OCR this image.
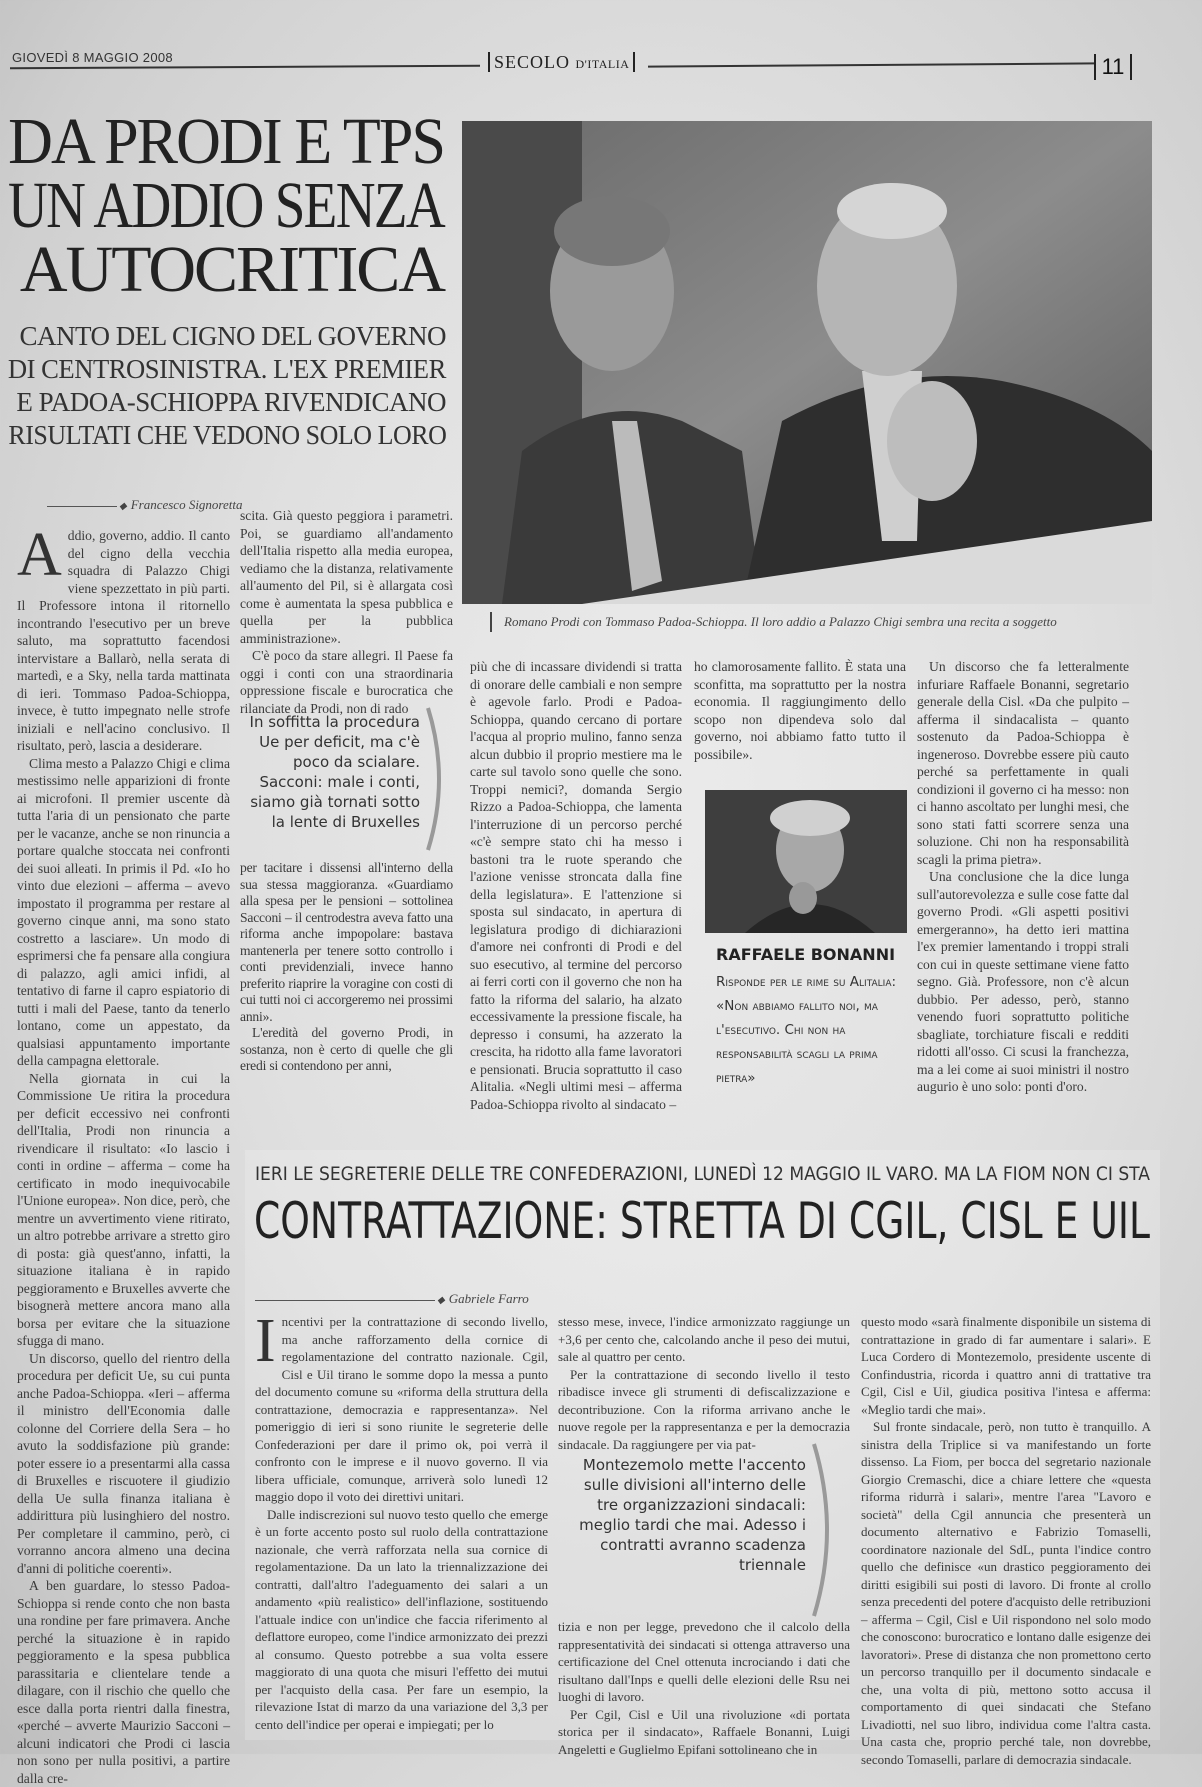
GIOVEDÌ 8 MAGGIO 2008	SECOLO D'ITALIA	11
DA PRODI E TPS
UN ADDIO SENZA
AUTOCRITICA
CANTO DEL CIGNO DEL GOVERNO
DI CENTROSINISTRA. L'EX PREMIER
E PADOA-SCHIOPPA RIVENDICANO
RISULTATI CHE VEDONO SOLO LORO
Romano Prodi con Tommaso Padoa-Schioppa. Il loro addio a Palazzo Chigi sembra una recita a soggetto
◆ Francesco Signoretta

Addio, governo, addio. Il canto del cigno della vecchia squadra di Palazzo Chigi viene spezzettato in più parti. Il Professore intona il ritornello incontrando l'esecutivo per un breve saluto, ma soprattutto facendosi intervistare a Ballarò, nella serata di martedì, e a Sky, nella tarda mattinata di ieri. Tommaso Padoa-Schioppa, invece, è tutto impegnato nelle strofe iniziali e nell'acino conclusivo. Il risultato, però, lascia a desiderare.

Clima mesto a Palazzo Chigi e clima mestissimo nelle apparizioni di fronte ai microfoni. Il premier uscente dà tutta l'aria di un pensionato che parte per le vacanze, anche se non rinuncia a portare qualche stoccata nei confronti dei suoi alleati. In primis il Pd. «Io ho vinto due elezioni – afferma – avevo impostato il programma per restare al governo cinque anni, ma sono stato costretto a lasciare». Un modo di esprimersi che fa pensare alla congiura di palazzo, agli amici infidi, al tentativo di farne il capro espiatorio di tutti i mali del Paese, tanto da tenerlo lontano, come un appestato, da qualsiasi appuntamento importante della campagna elettorale.

Nella giornata in cui la Commissione Ue ritira la procedura per deficit eccessivo nei confronti dell'Italia, Prodi non rinuncia a rivendicare il risultato: «Io lascio i conti in ordine – afferma – come ha certificato in modo inequivocabile l'Unione europea». Non dice, però, che mentre un avvertimento viene ritirato, un altro potrebbe arrivare a stretto giro di posta: già quest'anno, infatti, la situazione italiana è in rapido peggioramento e Bruxelles avverte che bisognerà mettere ancora mano alla borsa per evitare che la situazione sfugga di mano.

Un discorso, quello del rientro della procedura per deficit Ue, su cui punta anche Padoa-Schioppa. «Ieri – afferma il ministro dell'Economia dalle colonne del Corriere della Sera – ho avuto la soddisfazione più grande: poter essere io a presentarmi alla cassa di Bruxelles e riscuotere il giudizio della Ue sulla finanza italiana è addirittura più lusinghiero del nostro. Per completare il cammino, però, ci vorranno ancora almeno una decina d'anni di politiche coerenti».

A ben guardare, lo stesso Padoa-Schioppa si rende conto che non basta una rondine per fare primavera. Anche perché la situazione è in rapido peggioramento e la spesa pubblica parassitaria e clientelare tende a dilagare, con il rischio che quello che esce dalla porta rientri dalla finestra, «perché – avverte Maurizio Sacconi – alcuni indicatori che Prodi ci lascia non sono per nulla positivi, a partire dalla cre-

scita. Già questo peggiora i parametri. Poi, se guardiamo all'andamento dell'Italia rispetto alla media europea, vediamo che la distanza, relativamente all'aumento del Pil, si è allargata così come è aumentata la spesa pubblica e quella per la pubblica amministrazione».

C'è poco da stare allegri. Il Paese fa oggi i conti con una straordinaria oppressione fiscale e burocratica che rilanciate da Prodi, non di rado

In soffitta la procedura Ue per deficit, ma c'è poco da scialare. Sacconi: male i conti, siamo già tornati sotto la lente di Bruxelles

per tacitare i dissensi all'interno della sua stessa maggioranza. «Guardiamo alla spesa per le pensioni – sottolinea Sacconi – il centrodestra aveva fatto una riforma anche impopolare: bastava mantenerla per tenere sotto controllo i conti previdenziali, invece hanno preferito riaprire la voragine con costi di cui tutti noi ci accorgeremo nei prossimi anni».

L'eredità del governo Prodi, in sostanza, non è certo di quelle che gli eredi si contendono per anni,

più che di incassare dividendi si tratta di onorare delle cambiali e non sempre è agevole farlo. Prodi e Padoa-Schioppa, quando cercano di portare l'acqua al proprio mulino, fanno senza alcun dubbio il proprio mestiere ma le carte sul tavolo sono quelle che sono. Troppi nemici?, domanda Sergio Rizzo a Padoa-Schioppa, che lamenta l'interruzione di un percorso perché «c'è sempre stato chi ha messo i bastoni tra le ruote sperando che l'azione venisse stroncata dalla fine della legislatura». E l'attenzione si sposta sul sindacato, in apertura di legislatura prodigo di dichiarazioni d'amore nei confronti di Prodi e del suo esecutivo, al termine del percorso ai ferri corti con il governo che non ha fatto la riforma del salario, ha alzato eccessivamente la pressione fiscale, ha depresso i consumi, ha azzerato la crescita, ha ridotto alla fame lavoratori e pensionati. Brucia soprattutto il caso Alitalia. «Negli ultimi mesi – afferma Padoa-Schioppa rivolto al sindacato –

ho clamorosamente fallito. È stata una sconfitta, ma soprattutto per la nostra economia. Il raggiungimento dello scopo non dipendeva solo dal governo, noi abbiamo fatto tutto il possibile».

RAFFAELE BONANNI
Risponde per le rime su Alitalia: «Non abbiamo fallito noi, ma l'esecutivo. Chi non ha responsabilità scagli la prima pietra»

Un discorso che fa letteralmente infuriare Raffaele Bonanni, segretario generale della Cisl. «Da che pulpito – afferma il sindacalista – quanto sostenuto da Padoa-Schioppa è ingeneroso. Dovrebbe essere più cauto perché sa perfettamente in quali condizioni il governo ci ha messo: non ci hanno ascoltato per lunghi mesi, che sono stati fatti scorrere senza una soluzione. Chi non ha responsabilità scagli la prima pietra».

Una conclusione che la dice lunga sull'autorevolezza e sulle cose fatte dal governo Prodi. «Gli aspetti positivi emergeranno», ha detto ieri mattina l'ex premier lamentando i troppi strali con cui in queste settimane viene fatto segno. Già. Professore, non c'è alcun dubbio. Per adesso, però, stanno venendo fuori soprattutto politiche sbagliate, torchiature fiscali e redditi ridotti all'osso. Ci scusi la franchezza, ma a lei come ai suoi ministri il nostro augurio è uno solo: ponti d'oro.

IERI LE SEGRETERIE DELLE TRE CONFEDERAZIONI, LUNEDÌ 12 MAGGIO IL VARO. MA LA FIOM NON CI STA
CONTRATTAZIONE: STRETTA DI CGIL, CISL E UIL
◆ Gabriele Farro

Incentivi per la contrattazione di secondo livello, ma anche rafforzamento della cornice di regolamentazione del contratto nazionale. Cgil, Cisl e Uil tirano le somme dopo la messa a punto del documento comune su «riforma della struttura della contrattazione, democrazia e rappresentanza». Nel pomeriggio di ieri si sono riunite le segreterie delle Confederazioni per dare il primo ok, poi verrà il confronto con le imprese e il nuovo governo. Il via libera ufficiale, comunque, arriverà solo lunedì 12 maggio dopo il voto dei direttivi unitari.

Dalle indiscrezioni sul nuovo testo quello che emerge è un forte accento posto sul ruolo della contrattazione nazionale, che verrà rafforzata nella sua cornice di regolamentazione. Da un lato la triennalizzazione dei contratti, dall'altro l'adeguamento dei salari a un andamento «più realistico» dell'inflazione, sostituendo l'attuale indice con un'indice che faccia riferimento al deflattore europeo, come l'indice armonizzato dei prezzi al consumo. Questo potrebbe a sua volta essere maggiorato di una quota che misuri l'effetto dei mutui per l'acquisto della casa. Per fare un esempio, la rilevazione Istat di marzo da una variazione del 3,3 per cento dell'indice per operai e impiegati; per lo

stesso mese, invece, l'indice armonizzato raggiunge un +3,6 per cento che, calcolando anche il peso dei mutui, sale al quattro per cento.

Per la contrattazione di secondo livello il testo ribadisce invece gli strumenti di defiscalizzazione e decontribuzione. Con la riforma arrivano anche le nuove regole per la rappresentanza e per la democrazia sindacale. Da raggiungere per via pat-

Montezemolo mette l'accento sulle divisioni all'interno delle tre organizzazioni sindacali: meglio tardi che mai. Adesso i contratti avranno scadenza triennale

tizia e non per legge, prevedono che il calcolo della rappresentatività dei sindacati si ottenga attraverso una certificazione del Cnel ottenuta incrociando i dati che risultano dall'Inps e quelli delle elezioni delle Rsu nei luoghi di lavoro.

Per Cgil, Cisl e Uil una rivoluzione «di portata storica per il sindacato», Raffaele Bonanni, Luigi Angeletti e Guglielmo Epifani sottolineano che in

questo modo «sarà finalmente disponibile un sistema di contrattazione in grado di far aumentare i salari». E Luca Cordero di Montezemolo, presidente uscente di Confindustria, ricorda i quattro anni di trattative tra Cgil, Cisl e Uil, giudica positiva l'intesa e afferma: «Meglio tardi che mai».

Sul fronte sindacale, però, non tutto è tranquillo. A sinistra della Triplice si va manifestando un forte dissenso. La Fiom, per bocca del segretario nazionale Giorgio Cremaschi, dice a chiare lettere che «questa riforma ridurrà i salari», mentre l'area "Lavoro e società" della Cgil annuncia che presenterà un documento alternativo e Fabrizio Tomaselli, coordinatore nazionale del SdL, punta l'indice contro quello che definisce «un drastico peggioramento dei diritti esigibili sui posti di lavoro. Di fronte al crollo senza precedenti del potere d'acquisto delle retribuzioni – afferma – Cgil, Cisl e Uil rispondono nel solo modo che conoscono: burocratico e lontano dalle esigenze dei lavoratori». Prese di distanza che non promettono certo un percorso tranquillo per il documento sindacale e che, una volta di più, mettono sotto accusa il comportamento di quei sindacati che Stefano Livadiotti, nel suo libro, individua come l'altra casta. Una casta che, proprio perché tale, non dovrebbe, secondo Tomaselli, parlare di democrazia sindacale.
